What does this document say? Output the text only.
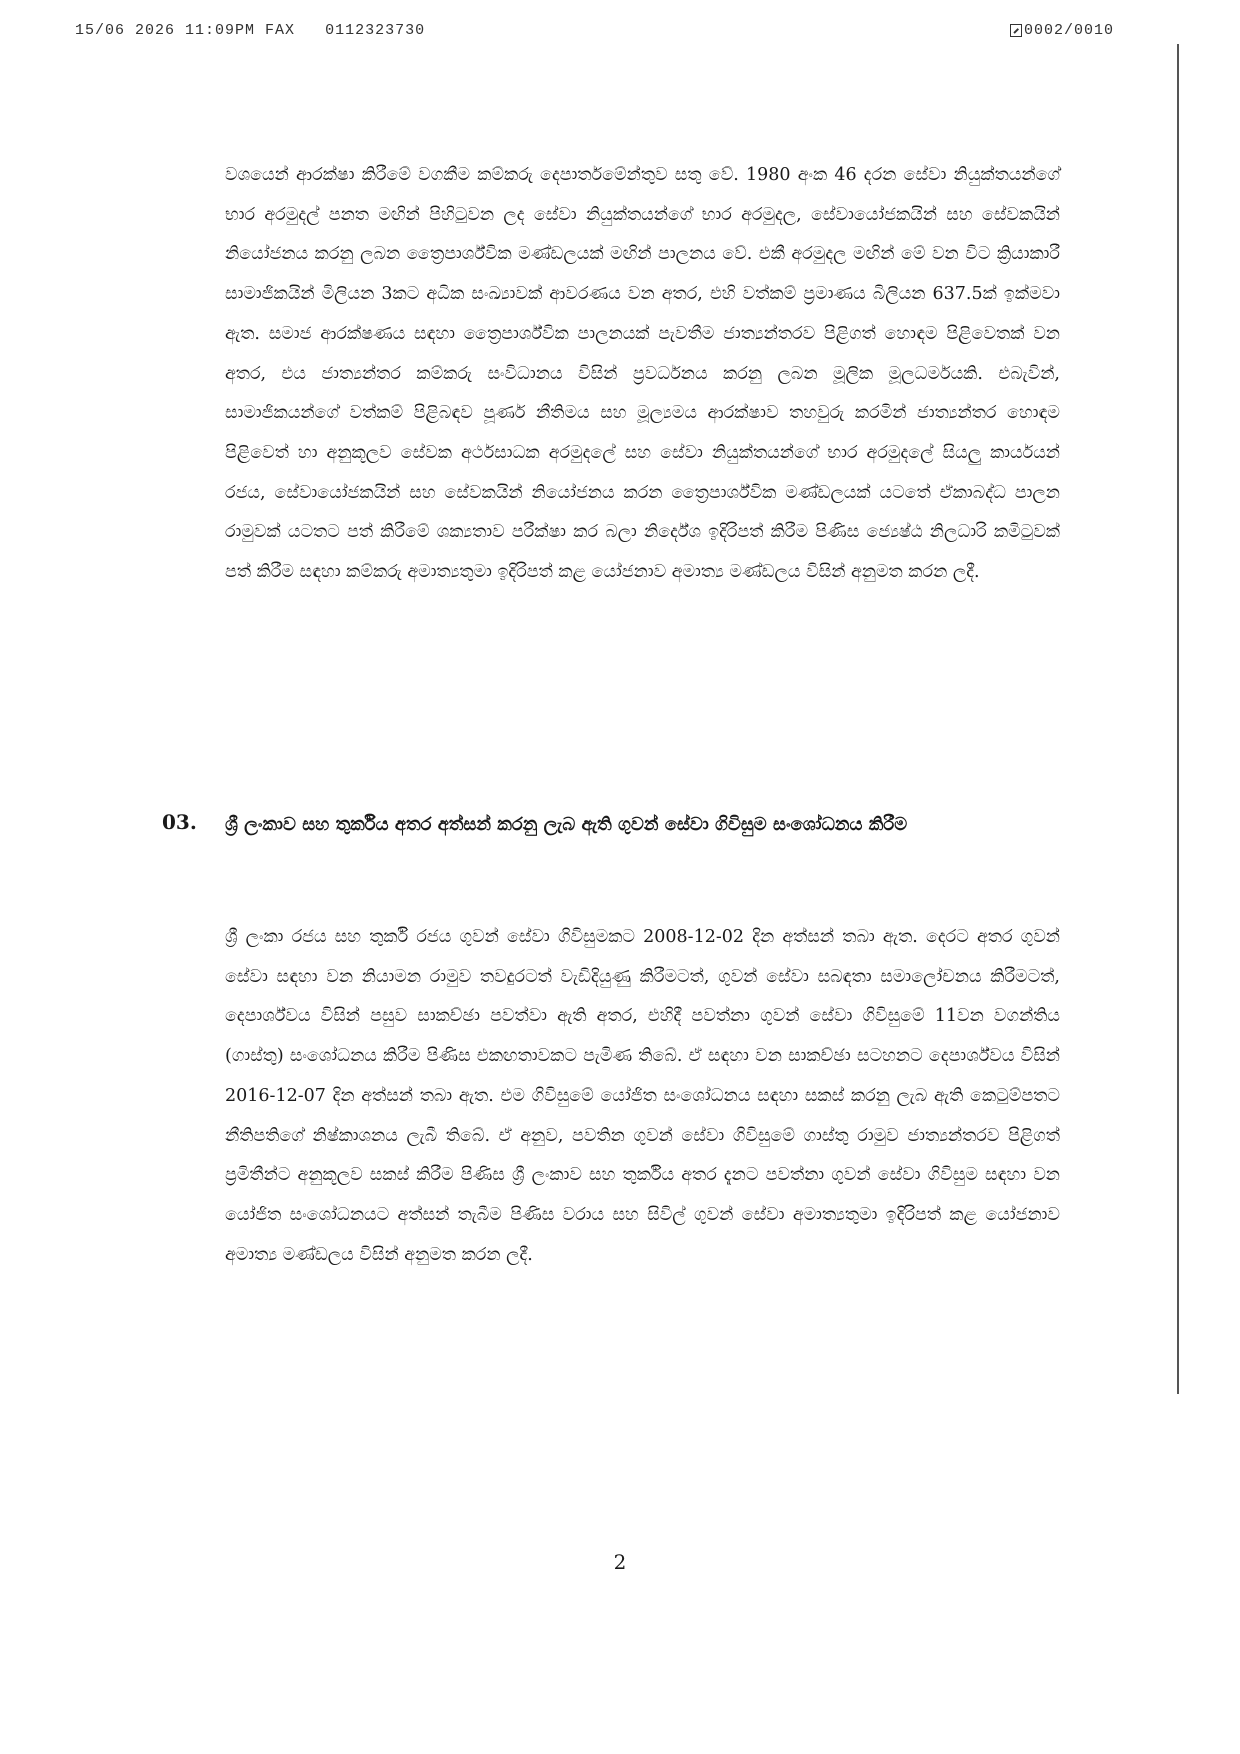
15/06 2026 11:09PM FAX 0112323730	0002/0010
වශයෙන් ආරක්ෂා කිරීමේ වගකීම කම්කරු දෙපාර්තමේන්තුව සතු වේ. 1980 අංක 46 දරන සේවා නියුක්තයන්ගේ භාර අරමුදල් පනත මඟින් පිහිටුවන ලද සේවා නියුක්තයන්ගේ භාර අරමුදල, සේවායෝජකයින් සහ සේවකයින් නියෝජනය කරනු ලබන ත්‍රෛපාර්ශ්වික මණ්ඩලයක් මඟින් පාලනය වේ. එකී අරමුදල මඟින් මේ වන විට ක්‍රියාකාරී සාමාජිකයින් මිලියන 3කට අධික සංඛ්‍යාවක් ආවරණය වන අතර, එහි වත්කම් ප්‍රමාණය බිලියන 637.5ක් ඉක්මවා ඇත. සමාජ ආරක්ෂණය සඳහා ත්‍රෛපාර්ශ්වික පාලනයක් පැවතීම ජාත්‍යන්තරව පිළිගත් හොඳම පිළිවෙතක් වන අතර, එය ජාත්‍යන්තර කම්කරු සංවිධානය විසින් ප්‍රවර්ධනය කරනු ලබන මූලික මූලධර්මයකි. එබැවින්, සාමාජිකයන්ගේ වත්කම් පිළිබඳව පූර්ණ නීතිමය සහ මූල්‍යමය ආරක්ෂාව තහවුරු කරමින් ජාත්‍යන්තර හොඳම පිළිවෙත් හා අනුකූලව සේවක අර්ථසාධක අරමුදලේ සහ සේවා නියුක්තයන්ගේ භාර අරමුදලේ සියලු කාර්යයන් රජය, සේවායෝජකයින් සහ සේවකයින් නියෝජනය කරන ත්‍රෛපාර්ශ්වික මණ්ඩලයක් යටතේ ඒකාබද්ධ පාලන රාමුවක් යටතට පත් කිරීමේ ශක්‍යතාව පරීක්ෂා කර බලා නිර්දේශ ඉදිරිපත් කිරීම පිණිස ජ්‍යෙෂ්ඨ නිලධාරි කමිටුවක් පත් කිරීම සඳහා කම්කරු අමාත්‍යතුමා ඉදිරිපත් කළ යෝජනාව අමාත්‍ය මණ්ඩලය විසින් අනුමත කරන ලදී.
03. ශ්‍රී ලංකාව සහ තුර්කිය අතර අත්සන් කරනු ලැබ ඇති ගුවන් සේවා ගිවිසුම සංශෝධනය කිරීම
ශ්‍රී ලංකා රජය සහ තුර්කි රජය ගුවන් සේවා ගිවිසුමකට 2008-12-02 දින අත්සන් තබා ඇත. දෙරට අතර ගුවන් සේවා සඳහා වන නියාමන රාමුව තවදුරටත් වැඩිදියුණු කිරීමටත්, ගුවන් සේවා සබඳතා සමාලෝචනය කිරීමටත්, දෙපාර්ශ්වය විසින් පසුව සාකච්ඡා පවත්වා ඇති අතර, එහිදී පවත්නා ගුවන් සේවා ගිවිසුමේ 11වන වගන්තිය (ගාස්තු) සංශෝධනය කිරීම පිණිස එකඟතාවකට පැමිණ තිබේ. ඒ සඳහා වන සාකච්ඡා සටහනට දෙපාර්ශ්වය විසින් 2016-12-07 දින අත්සන් තබා ඇත. එම ගිවිසුමේ යෝජිත සංශෝධනය සඳහා සකස් කරනු ලැබ ඇති කෙටුම්පතට නීතිපතිගේ නිෂ්කාශනය ලැබී තිබේ. ඒ අනුව, පවතින ගුවන් සේවා ගිවිසුමේ ගාස්තු රාමුව ජාත්‍යන්තරව පිළිගත් ප්‍රමිතීන්ට අනුකූලව සකස් කිරීම පිණිස ශ්‍රී ලංකාව සහ තුර්කිය අතර දැනට පවත්නා ගුවන් සේවා ගිවිසුම සඳහා වන යෝජිත සංශෝධනයට අත්සන් තැබීම පිණිස වරාය සහ සිවිල් ගුවන් සේවා අමාත්‍යතුමා ඉදිරිපත් කළ යෝජනාව අමාත්‍ය මණ්ඩලය විසින් අනුමත කරන ලදී.
2
